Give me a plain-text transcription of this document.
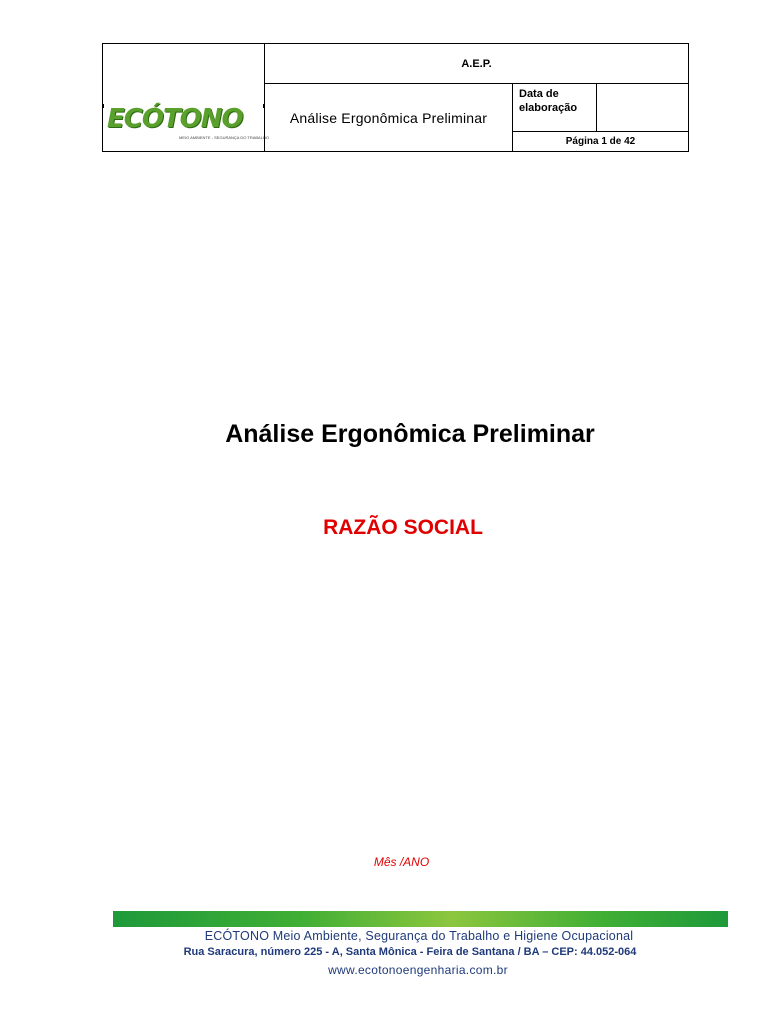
ECÓTONO
MEIO AMBIENTE - SEGURANÇA DO TRABALHO
A.E.P.
Análise Ergonômica Preliminar
Data de elaboração
Página 1 de 42
Análise Ergonômica Preliminar
RAZÃO SOCIAL
Mês /ANO
ECÓTONO Meio Ambiente, Segurança do Trabalho e Higiene Ocupacional
Rua Saracura, número 225 - A, Santa Mônica - Feira de Santana / BA – CEP: 44.052-064
www.ecotonoengenharia.com.br
